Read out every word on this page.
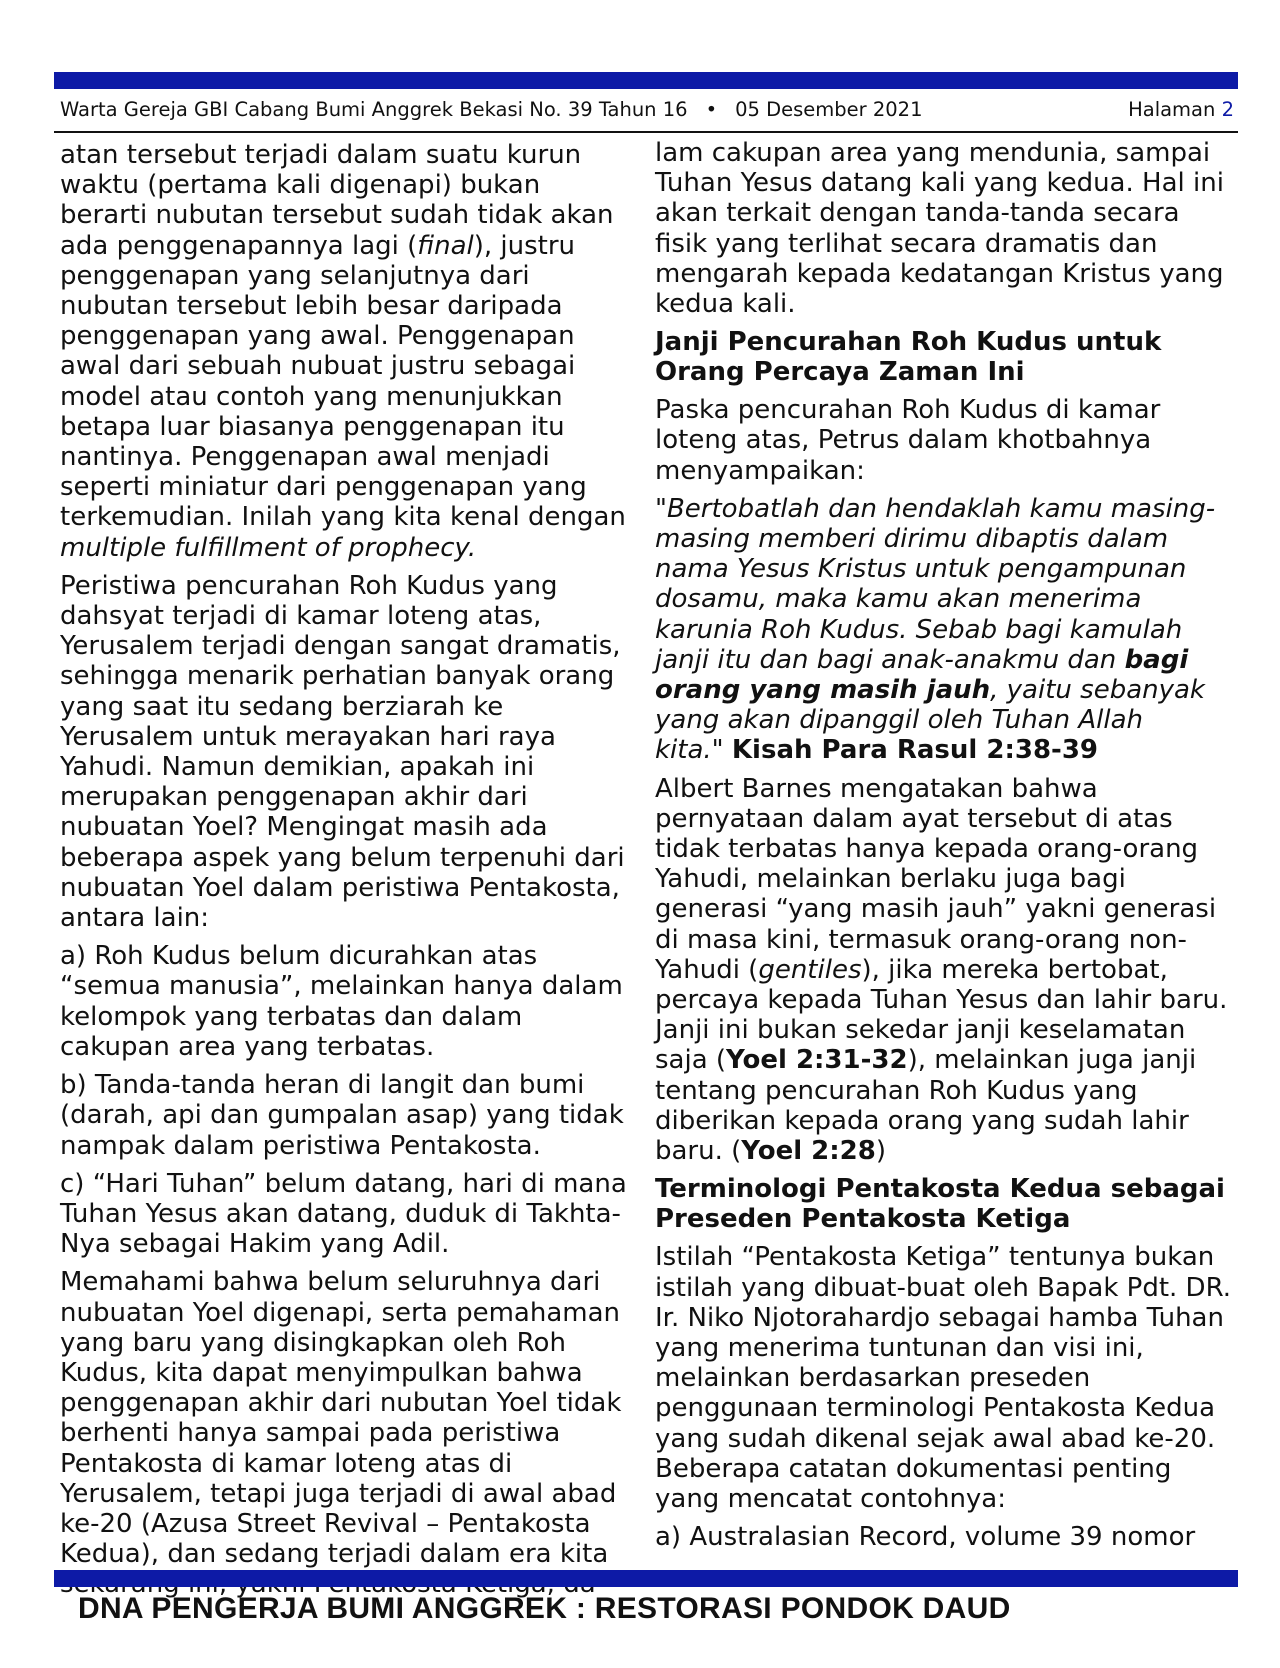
Warta Gereja GBI Cabang Bumi Anggrek Bekasi No. 39 Tahun 16 • 05 Desember 2021	Halaman 2

atan tersebut terjadi dalam suatu kurun waktu (pertama kali digenapi) bukan berarti nubutan tersebut sudah tidak akan ada penggenapannya lagi (final), justru penggenapan yang selanjutnya dari nubutan tersebut lebih besar daripada penggenapan yang awal. Penggenapan awal dari sebuah nubuat justru sebagai model atau contoh yang menunjukkan betapa luar biasanya penggenapan itu nantinya. Penggenapan awal menjadi seperti miniatur dari penggenapan yang terkemudian. Inilah yang kita kenal dengan multiple fulfillment of prophecy.

Peristiwa pencurahan Roh Kudus yang dahsyat terjadi di kamar loteng atas, Yerusalem terjadi dengan sangat dramatis, sehingga menarik perhatian banyak orang yang saat itu sedang berziarah ke Yerusalem untuk merayakan hari raya Yahudi. Namun demikian, apakah ini merupakan penggenapan akhir dari nubuatan Yoel? Mengingat masih ada beberapa aspek yang belum terpenuhi dari nubuatan Yoel dalam peristiwa Pentakosta, antara lain:

a) Roh Kudus belum dicurahkan atas “semua manusia”, melainkan hanya dalam kelompok yang terbatas dan dalam cakupan area yang terbatas.

b) Tanda-tanda heran di langit dan bumi (darah, api dan gumpalan asap) yang tidak nampak dalam peristiwa Pentakosta.

c) “Hari Tuhan” belum datang, hari di mana Tuhan Yesus akan datang, duduk di Takhta-Nya sebagai Hakim yang Adil.

Memahami bahwa belum seluruhnya dari nubuatan Yoel digenapi, serta pemahaman yang baru yang disingkapkan oleh Roh Kudus, kita dapat menyimpulkan bahwa penggenapan akhir dari nubutan Yoel tidak berhenti hanya sampai pada peristiwa Pentakosta di kamar loteng atas di Yerusalem, tetapi juga terjadi di awal abad ke-20 (Azusa Street Revival – Pentakosta Kedua), dan sedang terjadi dalam era kita

lam cakupan area yang mendunia, sampai Tuhan Yesus datang kali yang kedua. Hal ini akan terkait dengan tanda-tanda secara fisik yang terlihat secara dramatis dan mengarah kepada kedatangan Kristus yang kedua kali.

Janji Pencurahan Roh Kudus untuk Orang Percaya Zaman Ini

Paska pencurahan Roh Kudus di kamar loteng atas, Petrus dalam khotbahnya menyampaikan:

"Bertobatlah dan hendaklah kamu masing-masing memberi dirimu dibaptis dalam nama Yesus Kristus untuk pengampunan dosamu, maka kamu akan menerima karunia Roh Kudus. Sebab bagi kamulah janji itu dan bagi anak-anakmu dan bagi orang yang masih jauh, yaitu sebanyak yang akan dipanggil oleh Tuhan Allah kita." Kisah Para Rasul 2:38-39

Albert Barnes mengatakan bahwa pernyataan dalam ayat tersebut di atas tidak terbatas hanya kepada orang-orang Yahudi, melainkan berlaku juga bagi generasi “yang masih jauh” yakni generasi di masa kini, termasuk orang-orang non-Yahudi (gentiles), jika mereka bertobat, percaya kepada Tuhan Yesus dan lahir baru. Janji ini bukan sekedar janji keselamatan saja (Yoel 2:31-32), melainkan juga janji tentang pencurahan Roh Kudus yang diberikan kepada orang yang sudah lahir baru. (Yoel 2:28)

Terminologi Pentakosta Kedua sebagai Preseden Pentakosta Ketiga

Istilah “Pentakosta Ketiga” tentunya bukan istilah yang dibuat-buat oleh Bapak Pdt. DR. Ir. Niko Njotorahardjo sebagai hamba Tuhan yang menerima tuntunan dan visi ini, melainkan berdasarkan preseden penggunaan terminologi Pentakosta Kedua yang sudah dikenal sejak awal abad ke-20. Beberapa catatan dokumentasi penting yang mencatat contohnya:

a) Australasian Record, volume 39 nomor

DNA PENGERJA BUMI ANGGREK : RESTORASI PONDOK DAUD
